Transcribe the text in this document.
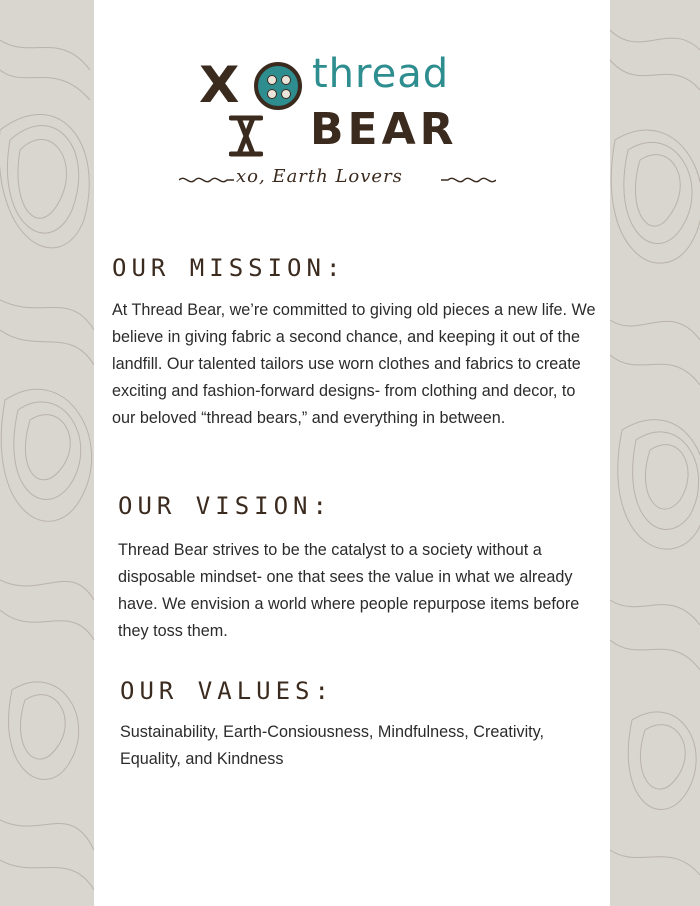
X thread
BEAR
xo, Earth Lovers
OUR MISSION:

At Thread Bear, we’re committed to giving old pieces a new life. We believe in giving fabric a second chance, and keeping it out of the landfill. Our talented tailors use worn clothes and fabrics to create exciting and fashion-forward designs- from clothing and decor, to our beloved “thread bears,” and everything in between.

OUR VISION:

Thread Bear strives to be the catalyst to a society without a disposable mindset- one that sees the value in what we already have. We envision a world where people repurpose items before they toss them.

OUR VALUES:

Sustainability, Earth-Consiousness, Mindfulness, Creativity, Equality, and Kindness
